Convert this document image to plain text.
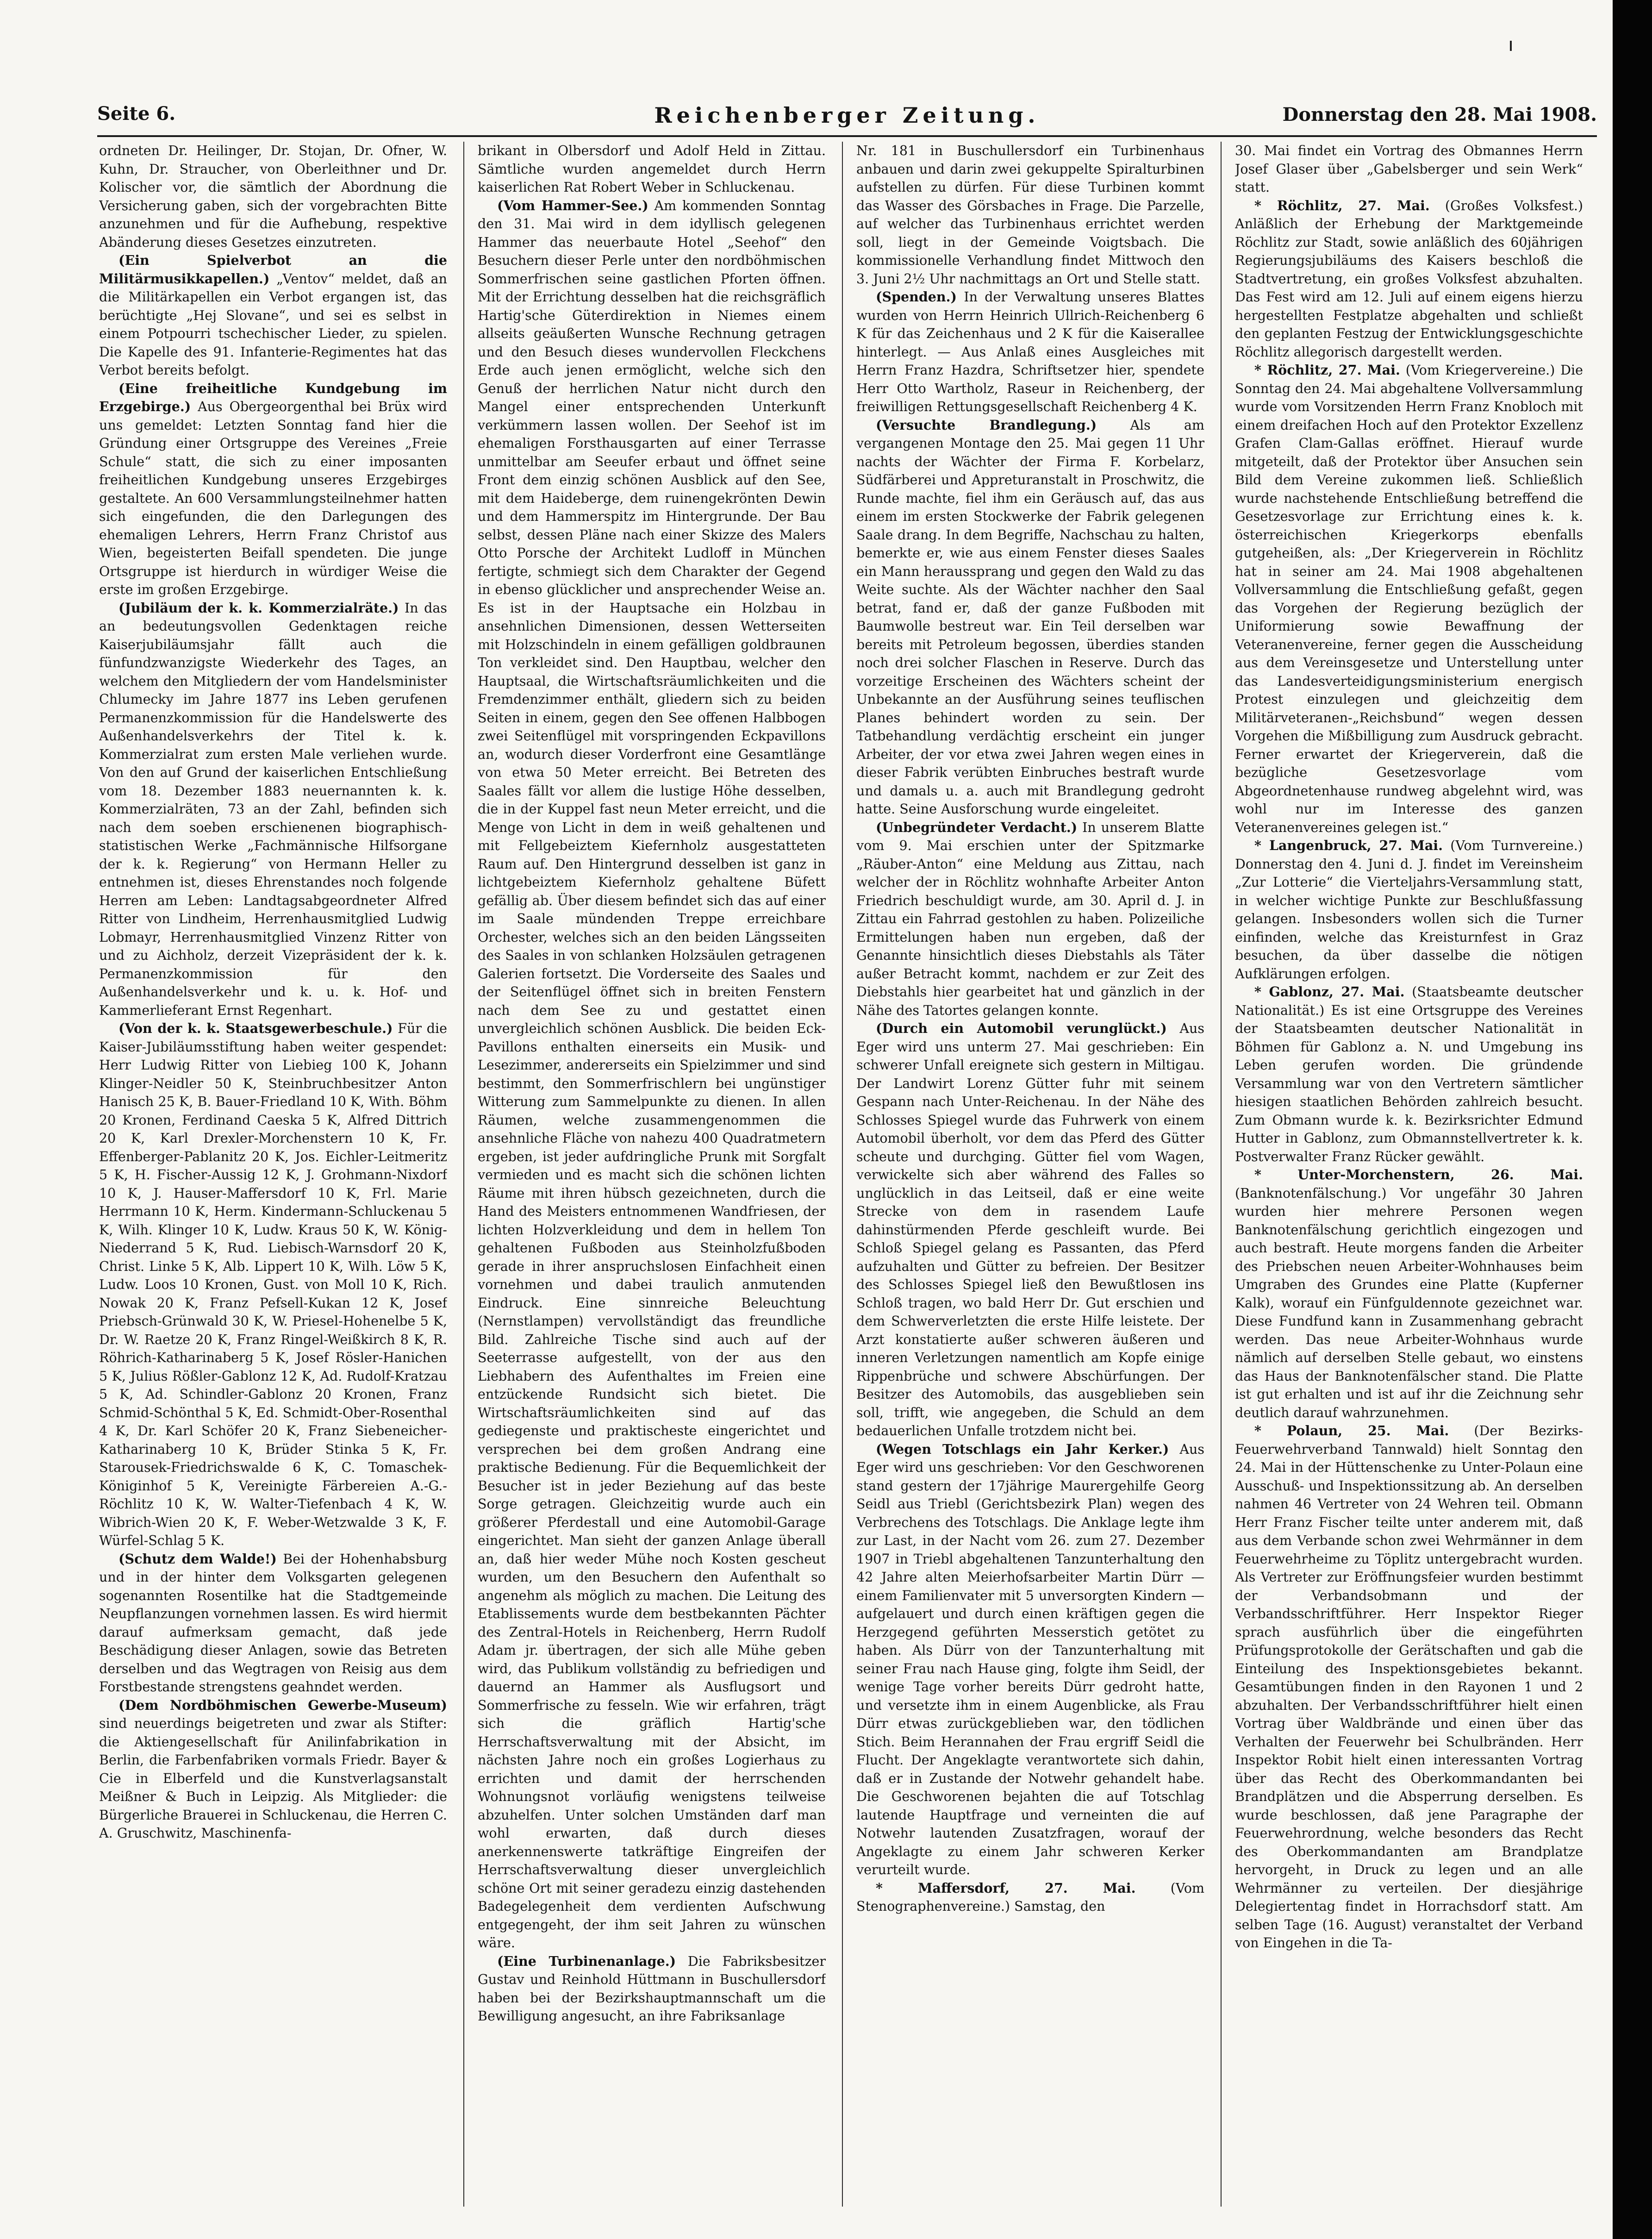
Seite 6.	Reichenberger Zeitung.	Donnerstag den 28. Mai 1908.

ordneten Dr. Heilinger, Dr. Stojan, Dr. Ofner, W. Kuhn, Dr. Straucher, von Oberleithner und Dr. Kolischer vor, die sämtlich der Abordnung die Versicherung gaben, sich der vorgebrachten Bitte anzunehmen und für die Aufhebung, respektive Abänderung dieses Gesetzes einzutreten.

(Ein Spielverbot an die Militärmusikkapellen.) „Ventov“ meldet, daß an die Militärkapellen ein Verbot ergangen ist, das berüchtigte „Hej Slovane“, und sei es selbst in einem Potpourri tschechischer Lieder, zu spielen. Die Kapelle des 91. Infanterie-Regimentes hat das Verbot bereits befolgt.

(Eine freiheitliche Kundgebung im Erzgebirge.) Aus Obergeorgenthal bei Brüx wird uns gemeldet: Letzten Sonntag fand hier die Gründung einer Ortsgruppe des Vereines „Freie Schule“ statt, die sich zu einer imposanten freiheitlichen Kundgebung unseres Erzgebirges gestaltete. An 600 Versammlungsteilnehmer hatten sich eingefunden, die den Darlegungen des ehemaligen Lehrers, Herrn Franz Christof aus Wien, begeisterten Beifall spendeten. Die junge Ortsgruppe ist hierdurch in würdiger Weise die erste im großen Erzgebirge.

(Jubiläum der k. k. Kommerzialräte.) In das an bedeutungsvollen Gedenktagen reiche Kaiserjubiläumsjahr fällt auch die fünfundzwanzigste Wiederkehr des Tages, an welchem den Mitgliedern der vom Handelsminister Chlumecky im Jahre 1877 ins Leben gerufenen Permanenzkommission für die Handelswerte des Außenhandelsverkehrs der Titel k. k. Kommerzialrat zum ersten Male verliehen wurde. Von den auf Grund der kaiserlichen Entschließung vom 18. Dezember 1883 neuernannten k. k. Kommerzialräten, 73 an der Zahl, befinden sich nach dem soeben erschienenen biographisch-statistischen Werke „Fachmännische Hilfsorgane der k. k. Regierung“ von Hermann Heller zu entnehmen ist, dieses Ehrenstandes noch folgende Herren am Leben: Landtagsabgeordneter Alfred Ritter von Lindheim, Herrenhausmitglied Ludwig Lobmayr, Herrenhausmitglied Vinzenz Ritter von und zu Aichholz, derzeit Vizepräsident der k. k. Permanenzkommission für den Außenhandelsverkehr und k. u. k. Hof- und Kammerlieferant Ernst Regenhart.

(Von der k. k. Staatsgewerbeschule.) Für die Kaiser-Jubiläumsstiftung haben weiter gespendet: Herr Ludwig Ritter von Liebieg 100 K, Johann Klinger-Neidler 50 K, Steinbruchbesitzer Anton Hanisch 25 K, B. Bauer-Friedland 10 K, With. Böhm 20 Kronen, Ferdinand Caeska 5 K, Alfred Dittrich 20 K, Karl Drexler-Morchenstern 10 K, Fr. Effenberger-Pablanitz 20 K, Jos. Eichler-Leitmeritz 5 K, H. Fischer-Aussig 12 K, J. Grohmann-Nixdorf 10 K, J. Hauser-Maffersdorf 10 K, Frl. Marie Herrmann 10 K, Herm. Kindermann-Schluckenau 5 K, Wilh. Klinger 10 K, Ludw. Kraus 50 K, W. König-Niederrand 5 K, Rud. Liebisch-Warnsdorf 20 K, Christ. Linke 5 K, Alb. Lippert 10 K, Wilh. Löw 5 K, Ludw. Loos 10 Kronen, Gust. von Moll 10 K, Rich. Nowak 20 K, Franz Pefsell-Kukan 12 K, Josef Priebsch-Grünwald 30 K, W. Priesel-Hohenelbe 5 K, Dr. W. Raetze 20 K, Franz Ringel-Weißkirch 8 K, R. Röhrich-Katharinaberg 5 K, Josef Rösler-Hanichen 5 K, Julius Rößler-Gablonz 12 K, Ad. Rudolf-Kratzau 5 K, Ad. Schindler-Gablonz 20 Kronen, Franz Schmid-Schönthal 5 K, Ed. Schmidt-Ober-Rosenthal 4 K, Dr. Karl Schöfer 20 K, Franz Siebeneicher-Katharinaberg 10 K, Brüder Stinka 5 K, Fr. Starousek-Friedrichswalde 6 K, C. Tomaschek-Königinhof 5 K, Vereinigte Färbereien A.-G.-Röchlitz 10 K, W. Walter-Tiefenbach 4 K, W. Wibrich-Wien 20 K, F. Weber-Wetzwalde 3 K, F. Würfel-Schlag 5 K.

(Schutz dem Walde!) Bei der Hohenhabsburg und in der hinter dem Volksgarten gelegenen sogenannten Rosentilke hat die Stadtgemeinde Neupflanzungen vornehmen lassen. Es wird hiermit darauf aufmerksam gemacht, daß jede Beschädigung dieser Anlagen, sowie das Betreten derselben und das Wegtragen von Reisig aus dem Forstbestande strengstens geahndet werden.

(Dem Nordböhmischen Gewerbe-Museum) sind neuerdings beigetreten und zwar als Stifter: die Aktiengesellschaft für Anilinfabrikation in Berlin, die Farbenfabriken vormals Friedr. Bayer & Cie in Elberfeld und die Kunstverlagsanstalt Meißner & Buch in Leipzig. Als Mitglieder: die Bürgerliche Brauerei in Schluckenau, die Herren C. A. Gruschwitz, Maschinenfa-

brikant in Olbersdorf und Adolf Held in Zittau. Sämtliche wurden angemeldet durch Herrn kaiserlichen Rat Robert Weber in Schluckenau.

(Vom Hammer-See.) Am kommenden Sonntag den 31. Mai wird in dem idyllisch gelegenen Hammer das neuerbaute Hotel „Seehof“ den Besuchern dieser Perle unter den nordböhmischen Sommerfrischen seine gastlichen Pforten öffnen. Mit der Errichtung desselben hat die reichsgräflich Hartig'sche Güterdirektion in Niemes einem allseits geäußerten Wunsche Rechnung getragen und den Besuch dieses wundervollen Fleckchens Erde auch jenen ermöglicht, welche sich den Genuß der herrlichen Natur nicht durch den Mangel einer entsprechenden Unterkunft verkümmern lassen wollen. Der Seehof ist im ehemaligen Forsthausgarten auf einer Terrasse unmittelbar am Seeufer erbaut und öffnet seine Front dem einzig schönen Ausblick auf den See, mit dem Haideberge, dem ruinengekrönten Dewin und dem Hammerspitz im Hintergrunde. Der Bau selbst, dessen Pläne nach einer Skizze des Malers Otto Porsche der Architekt Ludloff in München fertigte, schmiegt sich dem Charakter der Gegend in ebenso glücklicher und ansprechender Weise an. Es ist in der Hauptsache ein Holzbau in ansehnlichen Dimensionen, dessen Wetterseiten mit Holzschindeln in einem gefälligen goldbraunen Ton verkleidet sind. Den Hauptbau, welcher den Hauptsaal, die Wirtschaftsräumlichkeiten und die Fremdenzimmer enthält, gliedern sich zu beiden Seiten in einem, gegen den See offenen Halbbogen zwei Seitenflügel mit vorspringenden Eckpavillons an, wodurch dieser Vorderfront eine Gesamtlänge von etwa 50 Meter erreicht. Bei Betreten des Saales fällt vor allem die lustige Höhe desselben, die in der Kuppel fast neun Meter erreicht, und die Menge von Licht in dem in weiß gehaltenen und mit Fellgebeiztem Kiefernholz ausgestatteten Raum auf. Den Hintergrund desselben ist ganz in lichtgebeiztem Kiefernholz gehaltene Büfett gefällig ab. Über diesem befindet sich das auf einer im Saale mündenden Treppe erreichbare Orchester, welches sich an den beiden Längsseiten des Saales in von schlanken Holzsäulen getragenen Galerien fortsetzt. Die Vorderseite des Saales und der Seitenflügel öffnet sich in breiten Fenstern nach dem See zu und gestattet einen unvergleichlich schönen Ausblick. Die beiden Eck-Pavillons enthalten einerseits ein Musik- und Lesezimmer, andererseits ein Spielzimmer und sind bestimmt, den Sommerfrischlern bei ungünstiger Witterung zum Sammelpunkte zu dienen. In allen Räumen, welche zusammengenommen die ansehnliche Fläche von nahezu 400 Quadratmetern ergeben, ist jeder aufdringliche Prunk mit Sorgfalt vermieden und es macht sich die schönen lichten Räume mit ihren hübsch gezeichneten, durch die Hand des Meisters entnommenen Wandfriesen, der lichten Holzverkleidung und dem in hellem Ton gehaltenen Fußboden aus Steinholzfußboden gerade in ihrer anspruchslosen Einfachheit einen vornehmen und dabei traulich anmutenden Eindruck. Eine sinnreiche Beleuchtung (Nernstlampen) vervollständigt das freundliche Bild. Zahlreiche Tische sind auch auf der Seeterrasse aufgestellt, von der aus den Liebhabern des Aufenthaltes im Freien eine entzückende Rundsicht sich bietet. Die Wirtschaftsräumlichkeiten sind auf das gediegenste und praktischeste eingerichtet und versprechen bei dem großen Andrang eine praktische Bedienung. Für die Bequemlichkeit der Besucher ist in jeder Beziehung auf das beste Sorge getragen. Gleichzeitig wurde auch ein größerer Pferdestall und eine Automobil-Garage eingerichtet. Man sieht der ganzen Anlage überall an, daß hier weder Mühe noch Kosten gescheut wurden, um den Besuchern den Aufenthalt so angenehm als möglich zu machen. Die Leitung des Etablissements wurde dem bestbekannten Pächter des Zentral-Hotels in Reichenberg, Herrn Rudolf Adam jr. übertragen, der sich alle Mühe geben wird, das Publikum vollständig zu befriedigen und dauernd an Hammer als Ausflugsort und Sommerfrische zu fesseln. Wie wir erfahren, trägt sich die gräflich Hartig'sche Herrschaftsverwaltung mit der Absicht, im nächsten Jahre noch ein großes Logierhaus zu errichten und damit der herrschenden Wohnungsnot vorläufig wenigstens teilweise abzuhelfen. Unter solchen Umständen darf man wohl erwarten, daß durch dieses anerkennenswerte tatkräftige Eingreifen der Herrschaftsverwaltung dieser unvergleichlich schöne Ort mit seiner geradezu einzig dastehenden Badegelegenheit dem verdienten Aufschwung entgegengeht, der ihm seit Jahren zu wünschen wäre.

(Eine Turbinenanlage.) Die Fabriksbesitzer Gustav und Reinhold Hüttmann in Buschullersdorf haben bei der Bezirkshauptmannschaft um die Bewilligung angesucht, an ihre Fabriksanlage

Nr. 181 in Buschullersdorf ein Turbinenhaus anbauen und darin zwei gekuppelte Spiralturbinen aufstellen zu dürfen. Für diese Turbinen kommt das Wasser des Görsbaches in Frage. Die Parzelle, auf welcher das Turbinenhaus errichtet werden soll, liegt in der Gemeinde Voigtsbach. Die kommissionelle Verhandlung findet Mittwoch den 3. Juni 2½ Uhr nachmittags an Ort und Stelle statt.

(Spenden.) In der Verwaltung unseres Blattes wurden von Herrn Heinrich Ullrich-Reichenberg 6 K für das Zeichenhaus und 2 K für die Kaiserallee hinterlegt. — Aus Anlaß eines Ausgleiches mit Herrn Franz Hazdra, Schriftsetzer hier, spendete Herr Otto Wartholz, Raseur in Reichenberg, der freiwilligen Rettungsgesellschaft Reichenberg 4 K.

(Versuchte Brandlegung.)	Als am vergangenen Montage den 25. Mai gegen 11 Uhr nachts der Wächter der Firma F. Korbelarz, Südfärberei und Appreturanstalt in Proschwitz, die Runde machte, fiel ihm ein Geräusch auf, das aus einem im ersten Stockwerke der Fabrik gelegenen Saale drang. In dem Begriffe, Nachschau zu halten, bemerkte er, wie aus einem Fenster dieses Saales ein Mann heraussprang und gegen den Wald zu das Weite suchte. Als der Wächter nachher den Saal betrat, fand er, daß der ganze Fußboden mit Baumwolle bestreut war. Ein Teil derselben war bereits mit Petroleum begossen, überdies standen noch drei solcher Flaschen in Reserve. Durch das vorzeitige Erscheinen des Wächters scheint der Unbekannte an der Ausführung seines teuflischen Planes behindert worden zu sein. Der Tatbehandlung verdächtig erscheint ein junger Arbeiter, der vor etwa zwei Jahren wegen eines in dieser Fabrik verübten Einbruches bestraft wurde und damals u. a. auch mit Brandlegung gedroht hatte. Seine Ausforschung wurde eingeleitet.

(Unbegründeter Verdacht.) In unserem Blatte vom 9. Mai erschien unter der Spitzmarke „Räuber-Anton“ eine Meldung aus Zittau, nach welcher der in Röchlitz wohnhafte Arbeiter Anton Friedrich beschuldigt wurde, am 30. April d. J. in Zittau ein Fahrrad gestohlen zu haben. Polizeiliche Ermittelungen haben nun ergeben, daß der Genannte hinsichtlich dieses Diebstahls als Täter außer Betracht kommt, nachdem er zur Zeit des Diebstahls hier gearbeitet hat und gänzlich in der Nähe des Tatortes gelangen konnte.

(Durch ein Automobil verunglückt.) Aus Eger wird uns unterm 27. Mai geschrieben: Ein schwerer Unfall ereignete sich gestern in Miltigau. Der Landwirt Lorenz Gütter fuhr mit seinem Gespann nach Unter-Reichenau. In der Nähe des Schlosses Spiegel wurde das Fuhrwerk von einem Automobil überholt, vor dem das Pferd des Gütter scheute und durchging. Gütter fiel vom Wagen, verwickelte sich aber während des Falles so unglücklich in das Leitseil, daß er eine weite Strecke von dem in rasendem Laufe dahinstürmenden Pferde geschleift wurde. Bei Schloß Spiegel gelang es Passanten, das Pferd aufzuhalten und Gütter zu befreien. Der Besitzer des Schlosses Spiegel ließ den Bewußtlosen ins Schloß tragen, wo bald Herr Dr. Gut erschien und dem Schwerverletzten die erste Hilfe leistete. Der Arzt konstatierte außer schweren äußeren und inneren Verletzungen namentlich am Kopfe einige Rippenbrüche und schwere Abschürfungen. Der Besitzer des Automobils, das ausgeblieben sein soll, trifft, wie angegeben, die Schuld an dem bedauerlichen Unfalle trotzdem nicht bei.

(Wegen Totschlags ein Jahr Kerker.) Aus Eger wird uns geschrieben: Vor den Geschworenen stand gestern der 17jährige Maurergehilfe Georg Seidl aus Triebl (Gerichtsbezirk Plan) wegen des Verbrechens des Totschlags. Die Anklage legte ihm zur Last, in der Nacht vom 26. zum 27. Dezember 1907 in Triebl abgehaltenen Tanzunterhaltung den 42 Jahre alten Meierhofsarbeiter Martin Dürr — einem Familienvater mit 5 unversorgten Kindern — aufgelauert und durch einen kräftigen gegen die Herzgegend geführten Messerstich getötet zu haben. Als Dürr von der Tanzunterhaltung mit seiner Frau nach Hause ging, folgte ihm Seidl, der wenige Tage vorher bereits Dürr gedroht hatte, und versetzte ihm in einem Augenblicke, als Frau Dürr etwas zurückgeblieben war, den tödlichen Stich. Beim Herannahen der Frau ergriff Seidl die Flucht. Der Angeklagte verantwortete sich dahin, daß er in Zustande der Notwehr gehandelt habe. Die Geschworenen bejahten die auf Totschlag lautende Hauptfrage und verneinten die auf Notwehr lautenden Zusatzfragen, worauf der Angeklagte zu einem Jahr schweren Kerker verurteilt wurde.

* Maffersdorf, 27. Mai.	(Vom Stenographenvereine.) Samstag, den

30. Mai findet ein Vortrag des Obmannes Herrn Josef Glaser über „Gabelsberger und sein Werk“ statt.

* Röchlitz, 27. Mai. (Großes Volksfest.) Anläßlich der Erhebung der Marktgemeinde Röchlitz zur Stadt, sowie anläßlich des 60jährigen Regierungsjubiläums des Kaisers beschloß die Stadtvertretung, ein großes Volksfest abzuhalten. Das Fest wird am 12. Juli auf einem eigens hierzu hergestellten Festplatze abgehalten und schließt den geplanten Festzug der Entwicklungsgeschichte Röchlitz allegorisch dargestellt werden.

* Röchlitz, 27. Mai. (Vom Kriegervereine.) Die Sonntag den 24. Mai abgehaltene Vollversammlung wurde vom Vorsitzenden Herrn Franz Knobloch mit einem dreifachen Hoch auf den Protektor Exzellenz Grafen Clam-Gallas eröffnet. Hierauf wurde mitgeteilt, daß der Protektor über Ansuchen sein Bild dem Vereine zukommen ließ. Schließlich wurde nachstehende Entschließung betreffend die Gesetzesvorlage zur Errichtung eines k. k. österreichischen Kriegerkorps ebenfalls gutgeheißen, als: „Der Kriegerverein in Röchlitz hat in seiner am 24. Mai 1908 abgehaltenen Vollversammlung die Entschließung gefaßt, gegen das Vorgehen der Regierung bezüglich der Uniformierung sowie Bewaffnung der Veteranenvereine, ferner gegen die Ausscheidung aus dem Vereinsgesetze und Unterstellung unter das Landesverteidigungsministerium energisch Protest einzulegen und gleichzeitig dem Militärveteranen-„Reichsbund“ wegen dessen Vorgehen die Mißbilligung zum Ausdruck gebracht. Ferner erwartet der Kriegerverein, daß die bezügliche Gesetzesvorlage vom Abgeordnetenhause rundweg abgelehnt wird, was wohl nur im Interesse des ganzen Veteranenvereines gelegen ist.“

* Langenbruck, 27. Mai. (Vom Turnvereine.) Donnerstag den 4. Juni d. J. findet im Vereinsheim „Zur Lotterie“ die Vierteljahrs-Versammlung statt, in welcher wichtige Punkte zur Beschlußfassung gelangen. Insbesonders wollen sich die Turner einfinden, welche das Kreisturnfest in Graz besuchen, da über dasselbe die nötigen Aufklärungen erfolgen.

* Gablonz, 27. Mai. (Staatsbeamte deutscher Nationalität.) Es ist eine Ortsgruppe des Vereines der Staatsbeamten deutscher Nationalität in Böhmen für Gablonz a. N. und Umgebung ins Leben gerufen worden. Die gründende Versammlung war von den Vertretern sämtlicher hiesigen staatlichen Behörden zahlreich besucht. Zum Obmann wurde k. k. Bezirksrichter Edmund Hutter in Gablonz, zum Obmannstellvertreter k. k. Postverwalter Franz Rücker gewählt.

* Unter-Morchenstern, 26. Mai. (Banknotenfälschung.) Vor ungefähr 30 Jahren wurden hier mehrere Personen wegen Banknotenfälschung gerichtlich eingezogen und auch bestraft. Heute morgens fanden die Arbeiter des Priebschen neuen Arbeiter-Wohnhauses beim Umgraben des Grundes eine Platte (Kupferner Kalk), worauf ein Fünfguldennote gezeichnet war. Diese Fundfund kann in Zusammenhang gebracht werden. Das neue Arbeiter-Wohnhaus wurde nämlich auf derselben Stelle gebaut, wo einstens das Haus der Banknotenfälscher stand. Die Platte ist gut erhalten und ist auf ihr die Zeichnung sehr deutlich darauf wahrzunehmen.

* Polaun, 25. Mai. (Der Bezirks-Feuerwehrverband Tannwald) hielt Sonntag den 24. Mai in der Hüttenschenke zu Unter-Polaun eine Ausschuß- und Inspektionssitzung ab. An derselben nahmen 46 Vertreter von 24 Wehren teil. Obmann Herr Franz Fischer teilte unter anderem mit, daß aus dem Verbande schon zwei Wehrmänner in dem Feuerwehrheime zu Töplitz untergebracht wurden. Als Vertreter zur Eröffnungsfeier wurden bestimmt der Verbandsobmann und der Verbandsschriftführer. Herr Inspektor Rieger sprach ausführlich über die eingeführten Prüfungsprotokolle der Gerätschaften und gab die Einteilung des Inspektionsgebietes bekannt. Gesamtübungen finden in den Rayonen 1 und 2 abzuhalten. Der Verbandsschriftführer hielt einen Vortrag über Waldbrände und einen über das Verhalten der Feuerwehr bei Schulbränden. Herr Inspektor Robit hielt einen interessanten Vortrag über das Recht des Oberkommandanten bei Brandplätzen und die Absperrung derselben. Es wurde beschlossen, daß jene Paragraphe der Feuerwehrordnung, welche besonders das Recht des Oberkommandanten am Brandplatze hervorgeht, in Druck zu legen und an alle Wehrmänner zu verteilen. Der diesjährige Delegiertentag findet in Horrachsdorf statt. Am selben Tage (16. August) veranstaltet der Verband von Eingehen in die Ta-
